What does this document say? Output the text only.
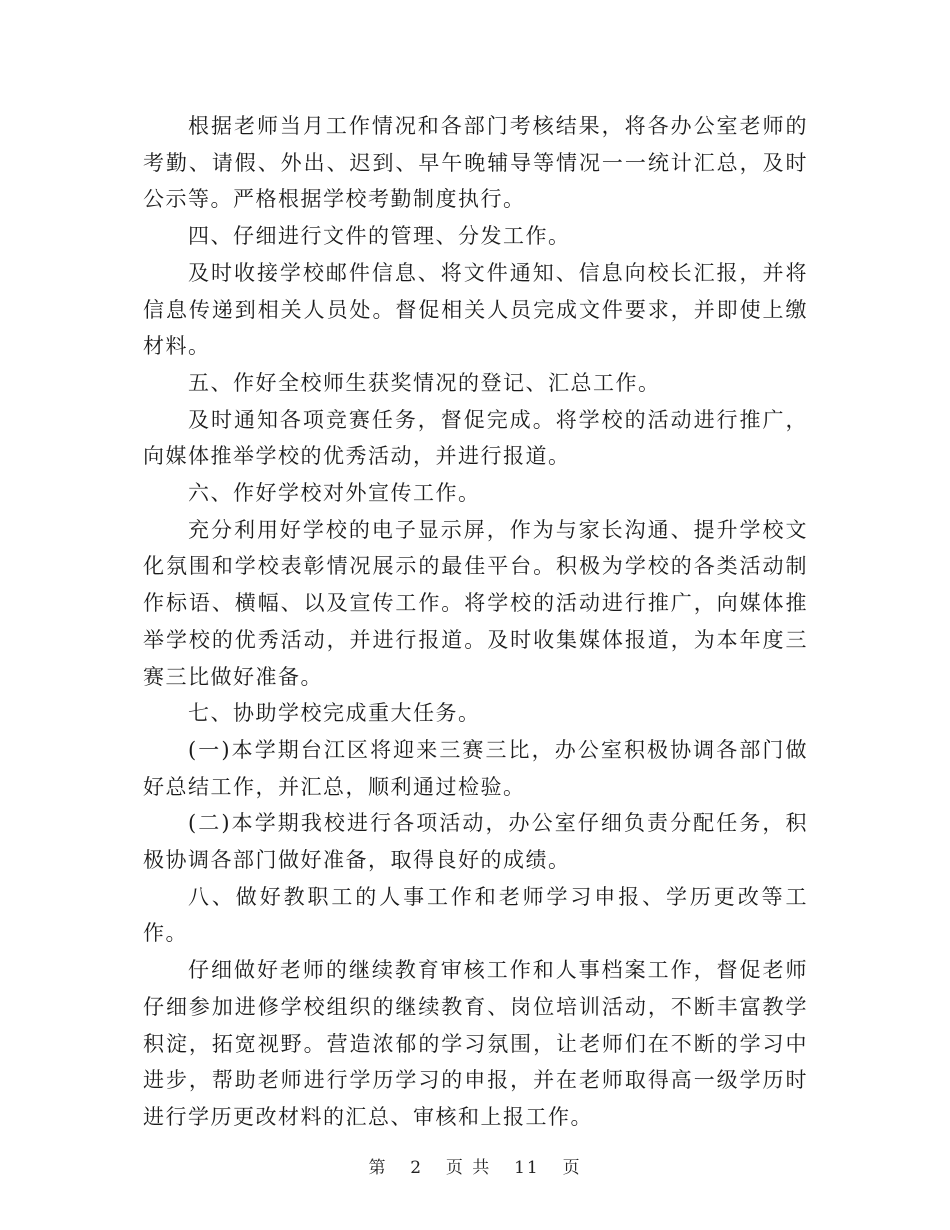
根据老师当月工作情况和各部门考核结果，将各办公室老师的考勤、请假、外出、迟到、早午晚辅导等情况一一统计汇总，及时公示等。严格根据学校考勤制度执行。

四、仔细进行文件的管理、分发工作。

及时收接学校邮件信息、将文件通知、信息向校长汇报，并将信息传递到相关人员处。督促相关人员完成文件要求，并即使上缴材料。

五、作好全校师生获奖情况的登记、汇总工作。

及时通知各项竞赛任务，督促完成。将学校的活动进行推广，向媒体推举学校的优秀活动，并进行报道。

六、作好学校对外宣传工作。

充分利用好学校的电子显示屏，作为与家长沟通、提升学校文化氛围和学校表彰情况展示的最佳平台。积极为学校的各类活动制作标语、横幅、以及宣传工作。将学校的活动进行推广，向媒体推举学校的优秀活动，并进行报道。及时收集媒体报道，为本年度三赛三比做好准备。

七、协助学校完成重大任务。

(一)本学期台江区将迎来三赛三比，办公室积极协调各部门做好总结工作，并汇总，顺利通过检验。

(二)本学期我校进行各项活动，办公室仔细负责分配任务，积极协调各部门做好准备，取得良好的成绩。

八、做好教职工的人事工作和老师学习申报、学历更改等工作。

仔细做好老师的继续教育审核工作和人事档案工作，督促老师仔细参加进修学校组织的继续教育、岗位培训活动，不断丰富教学积淀，拓宽视野。营造浓郁的学习氛围，让老师们在不断的学习中进步，帮助老师进行学历学习的申报，并在老师取得高一级学历时进行学历更改材料的汇总、审核和上报工作。

第 2 页 共 11 页
